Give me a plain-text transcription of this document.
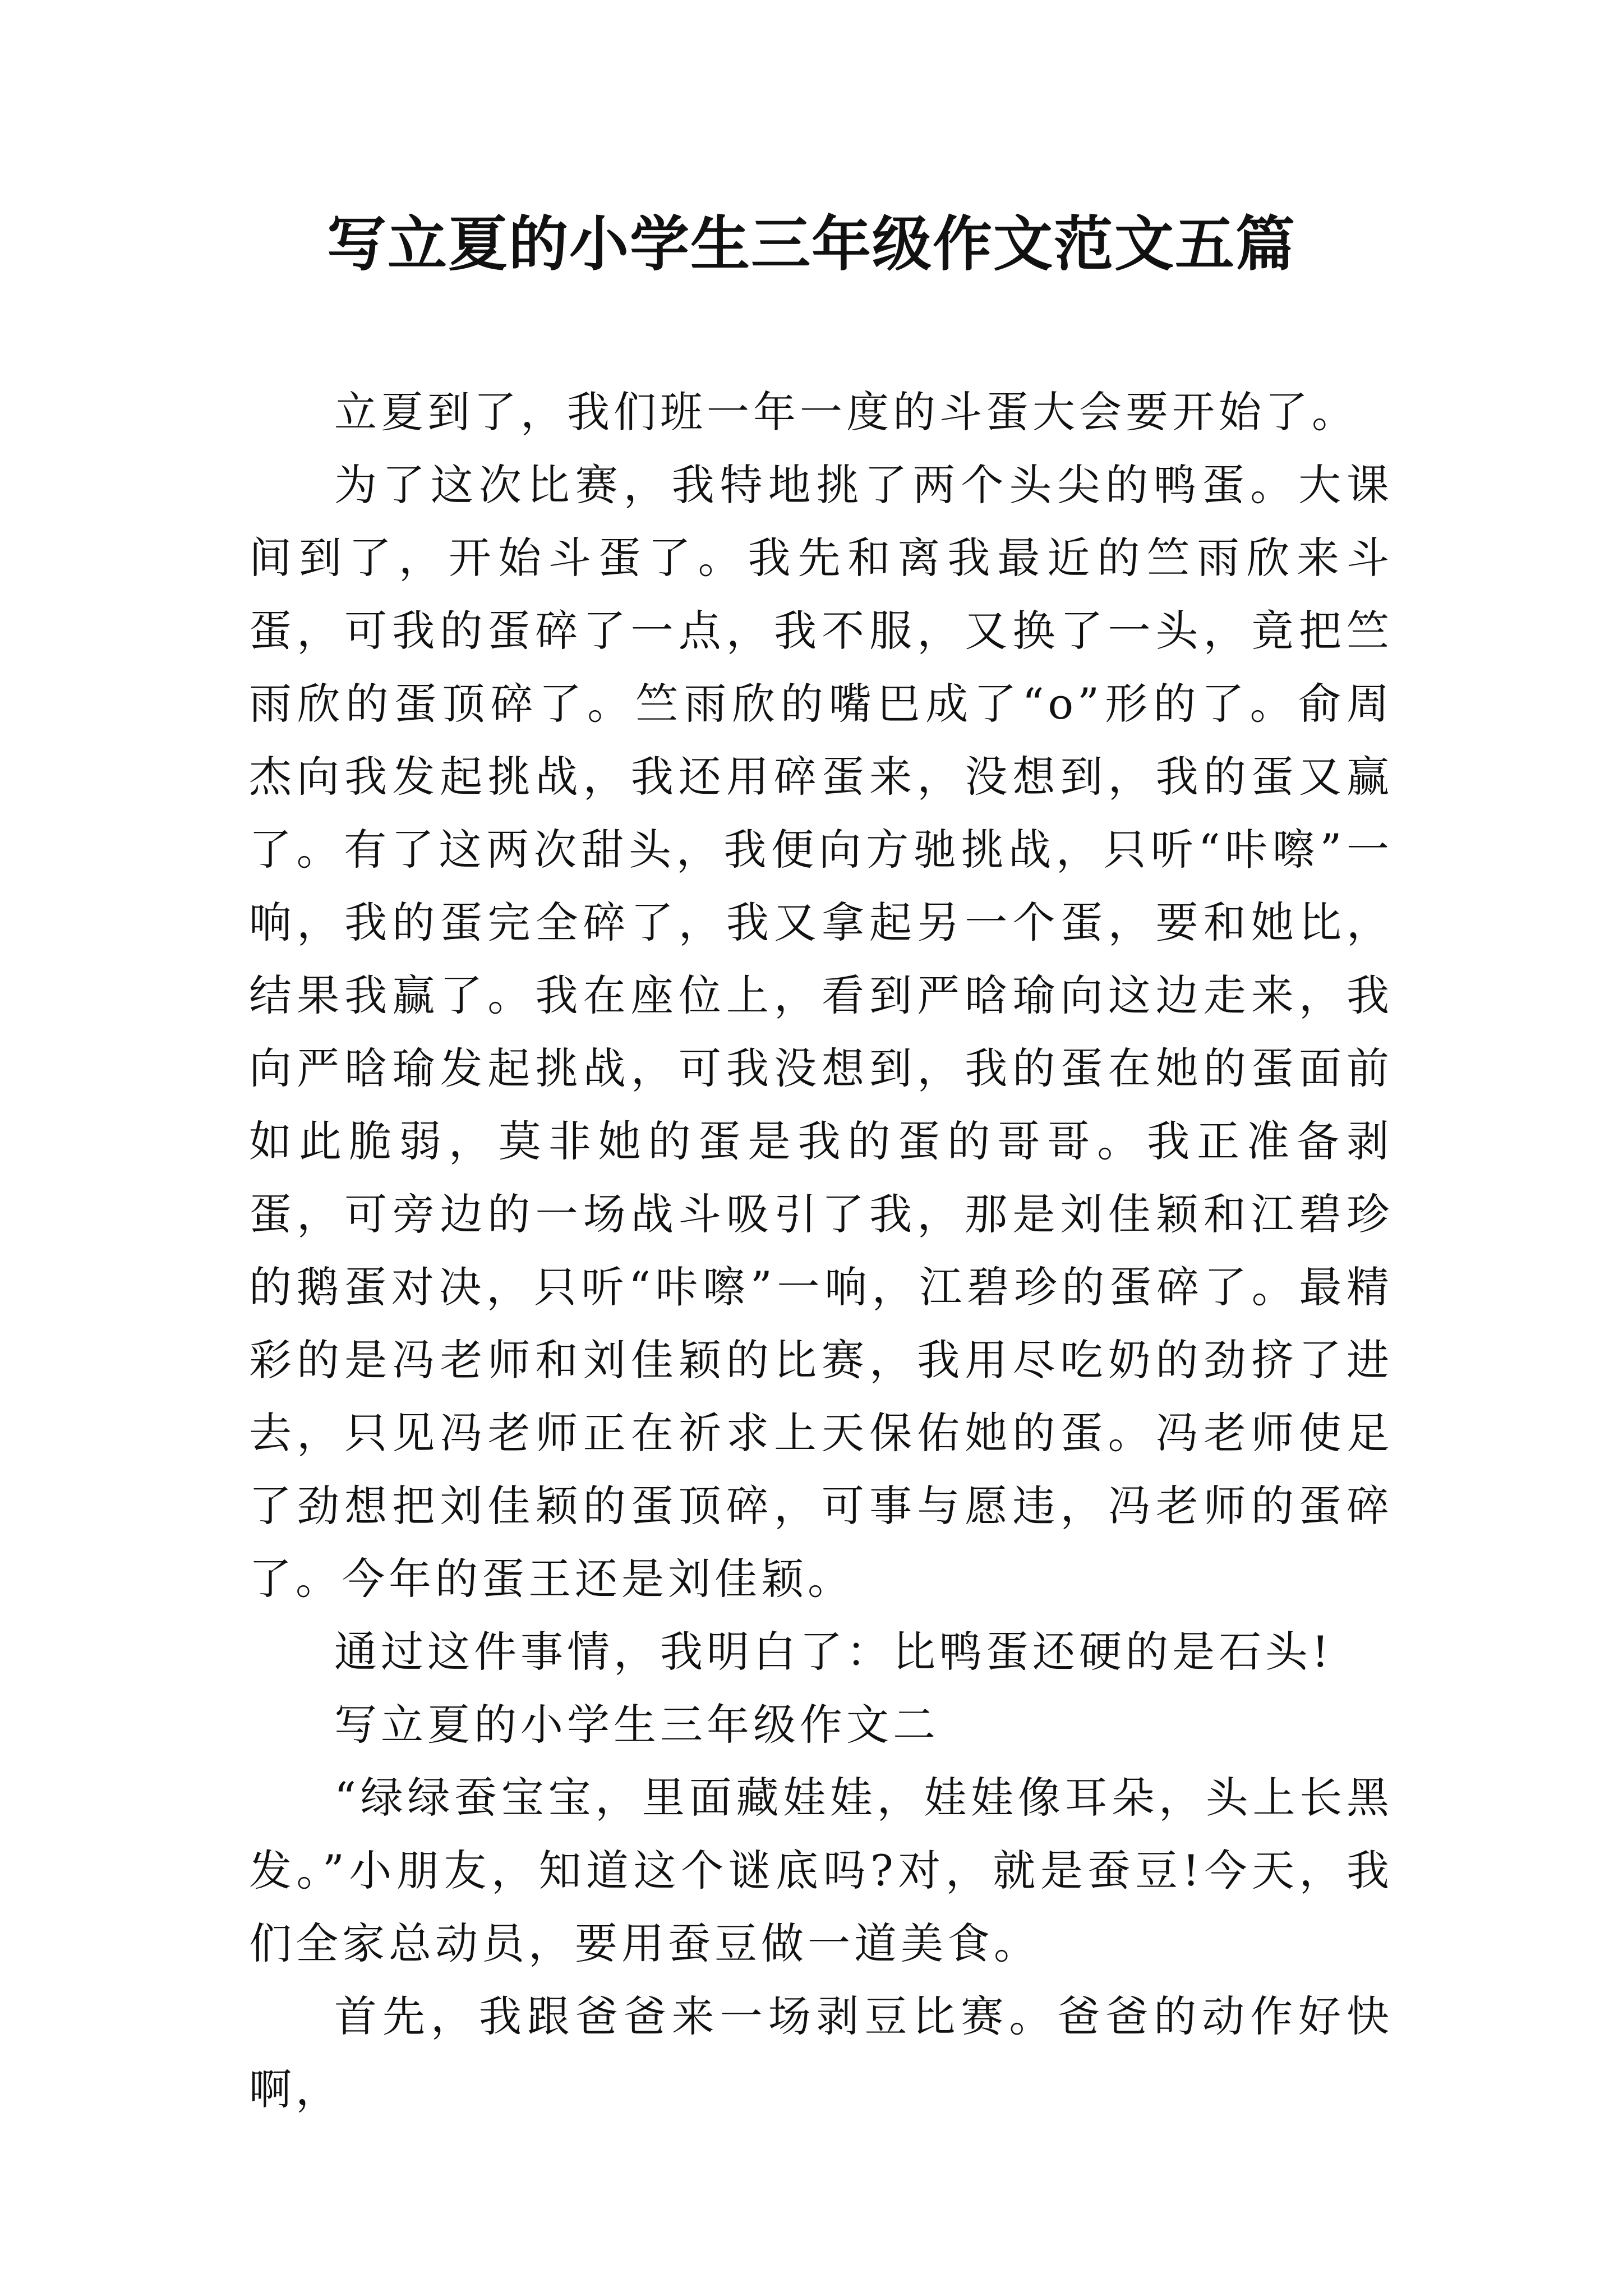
写立夏的小学生三年级作文范文五篇

立夏到了，我们班一年一度的斗蛋大会要开始了。

为了这次比赛，我特地挑了两个头尖的鸭蛋。大课间到了，开始斗蛋了。我先和离我最近的竺雨欣来斗蛋，可我的蛋碎了一点，我不服，又换了一头，竟把竺雨欣的蛋顶碎了。竺雨欣的嘴巴成了“o”形的了。俞周杰向我发起挑战，我还用碎蛋来，没想到，我的蛋又赢了。有了这两次甜头，我便向方驰挑战，只听“咔嚓”一响，我的蛋完全碎了，我又拿起另一个蛋，要和她比，结果我赢了。我在座位上，看到严晗瑜向这边走来，我向严晗瑜发起挑战，可我没想到，我的蛋在她的蛋面前如此脆弱，莫非她的蛋是我的蛋的哥哥。我正准备剥蛋，可旁边的一场战斗吸引了我，那是刘佳颖和江碧珍的鹅蛋对决，只听“咔嚓”一响，江碧珍的蛋碎了。最精彩的是冯老师和刘佳颖的比赛，我用尽吃奶的劲挤了进去，只见冯老师正在祈求上天保佑她的蛋。冯老师使足了劲想把刘佳颖的蛋顶碎，可事与愿违，冯老师的蛋碎了。今年的蛋王还是刘佳颖。

通过这件事情，我明白了：比鸭蛋还硬的是石头!

写立夏的小学生三年级作文二

“绿绿蚕宝宝，里面藏娃娃，娃娃像耳朵，头上长黑发。”小朋友，知道这个谜底吗?对，就是蚕豆!今天，我们全家总动员，要用蚕豆做一道美食。

首先，我跟爸爸来一场剥豆比赛。爸爸的动作好快啊，
